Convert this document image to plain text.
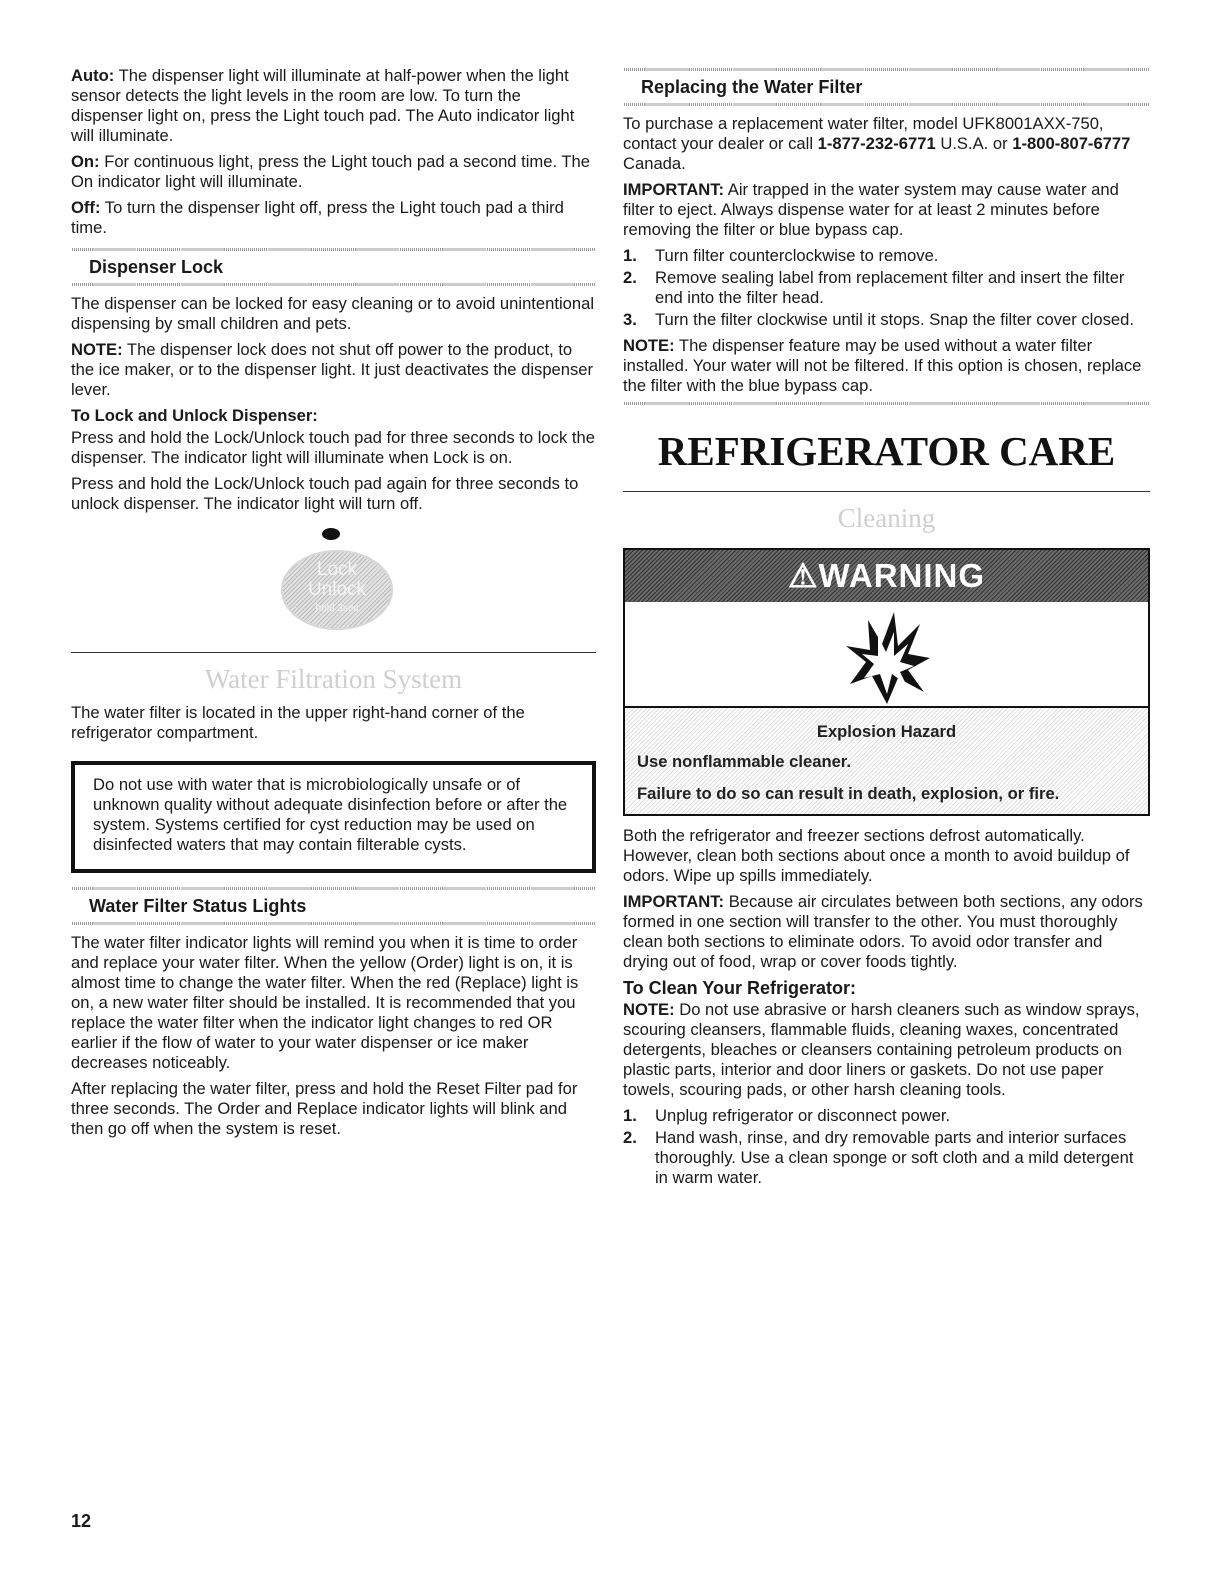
Auto: The dispenser light will illuminate at half-power when the light sensor detects the light levels in the room are low. To turn the dispenser light on, press the Light touch pad. The Auto indicator light will illuminate.

On: For continuous light, press the Light touch pad a second time. The On indicator light will illuminate.

Off: To turn the dispenser light off, press the Light touch pad a third time.

Dispenser Lock

The dispenser can be locked for easy cleaning or to avoid unintentional dispensing by small children and pets.

NOTE: The dispenser lock does not shut off power to the product, to the ice maker, or to the dispenser light. It just deactivates the dispenser lever.

To Lock and Unlock Dispenser:

Press and hold the Lock/Unlock touch pad for three seconds to lock the dispenser. The indicator light will illuminate when Lock is on.

Press and hold the Lock/Unlock touch pad again for three seconds to unlock dispenser. The indicator light will turn off.

Lock
Unlock
hold 3sec
Water Filtration System

The water filter is located in the upper right-hand corner of the refrigerator compartment.

Do not use with water that is microbiologically unsafe or of unknown quality without adequate disinfection before or after the system. Systems certified for cyst reduction may be used on disinfected waters that may contain filterable cysts.
Water Filter Status Lights

The water filter indicator lights will remind you when it is time to order and replace your water filter. When the yellow (Order) light is on, it is almost time to change the water filter. When the red (Replace) light is on, a new water filter should be installed. It is recommended that you replace the water filter when the indicator light changes to red OR earlier if the flow of water to your water dispenser or ice maker decreases noticeably.

After replacing the water filter, press and hold the Reset Filter pad for three seconds. The Order and Replace indicator lights will blink and then go off when the system is reset.

Replacing the Water Filter

To purchase a replacement water filter, model UFK8001AXX-750, contact your dealer or call 1-877-232-6771 U.S.A. or 1-800-807-6777 Canada.

IMPORTANT: Air trapped in the water system may cause water and filter to eject. Always dispense water for at least 2 minutes before removing the filter or blue bypass cap.

1. Turn filter counterclockwise to remove.
2. Remove sealing label from replacement filter and insert the filter end into the filter head.
3. Turn the filter clockwise until it stops. Snap the filter cover closed.

NOTE: The dispenser feature may be used without a water filter installed. Your water will not be filtered. If this option is chosen, replace the filter with the blue bypass cap.

REFRIGERATOR CARE
Cleaning
⚠WARNING
Explosion Hazard
Use nonflammable cleaner.
Failure to do so can result in death, explosion, or fire.

Both the refrigerator and freezer sections defrost automatically. However, clean both sections about once a month to avoid buildup of odors. Wipe up spills immediately.

IMPORTANT: Because air circulates between both sections, any odors formed in one section will transfer to the other. You must thoroughly clean both sections to eliminate odors. To avoid odor transfer and drying out of food, wrap or cover foods tightly.

To Clean Your Refrigerator:

NOTE: Do not use abrasive or harsh cleaners such as window sprays, scouring cleansers, flammable fluids, cleaning waxes, concentrated detergents, bleaches or cleansers containing petroleum products on plastic parts, interior and door liners or gaskets. Do not use paper towels, scouring pads, or other harsh cleaning tools.

1. Unplug refrigerator or disconnect power.
2. Hand wash, rinse, and dry removable parts and interior surfaces thoroughly. Use a clean sponge or soft cloth and a mild detergent in warm water.
12
